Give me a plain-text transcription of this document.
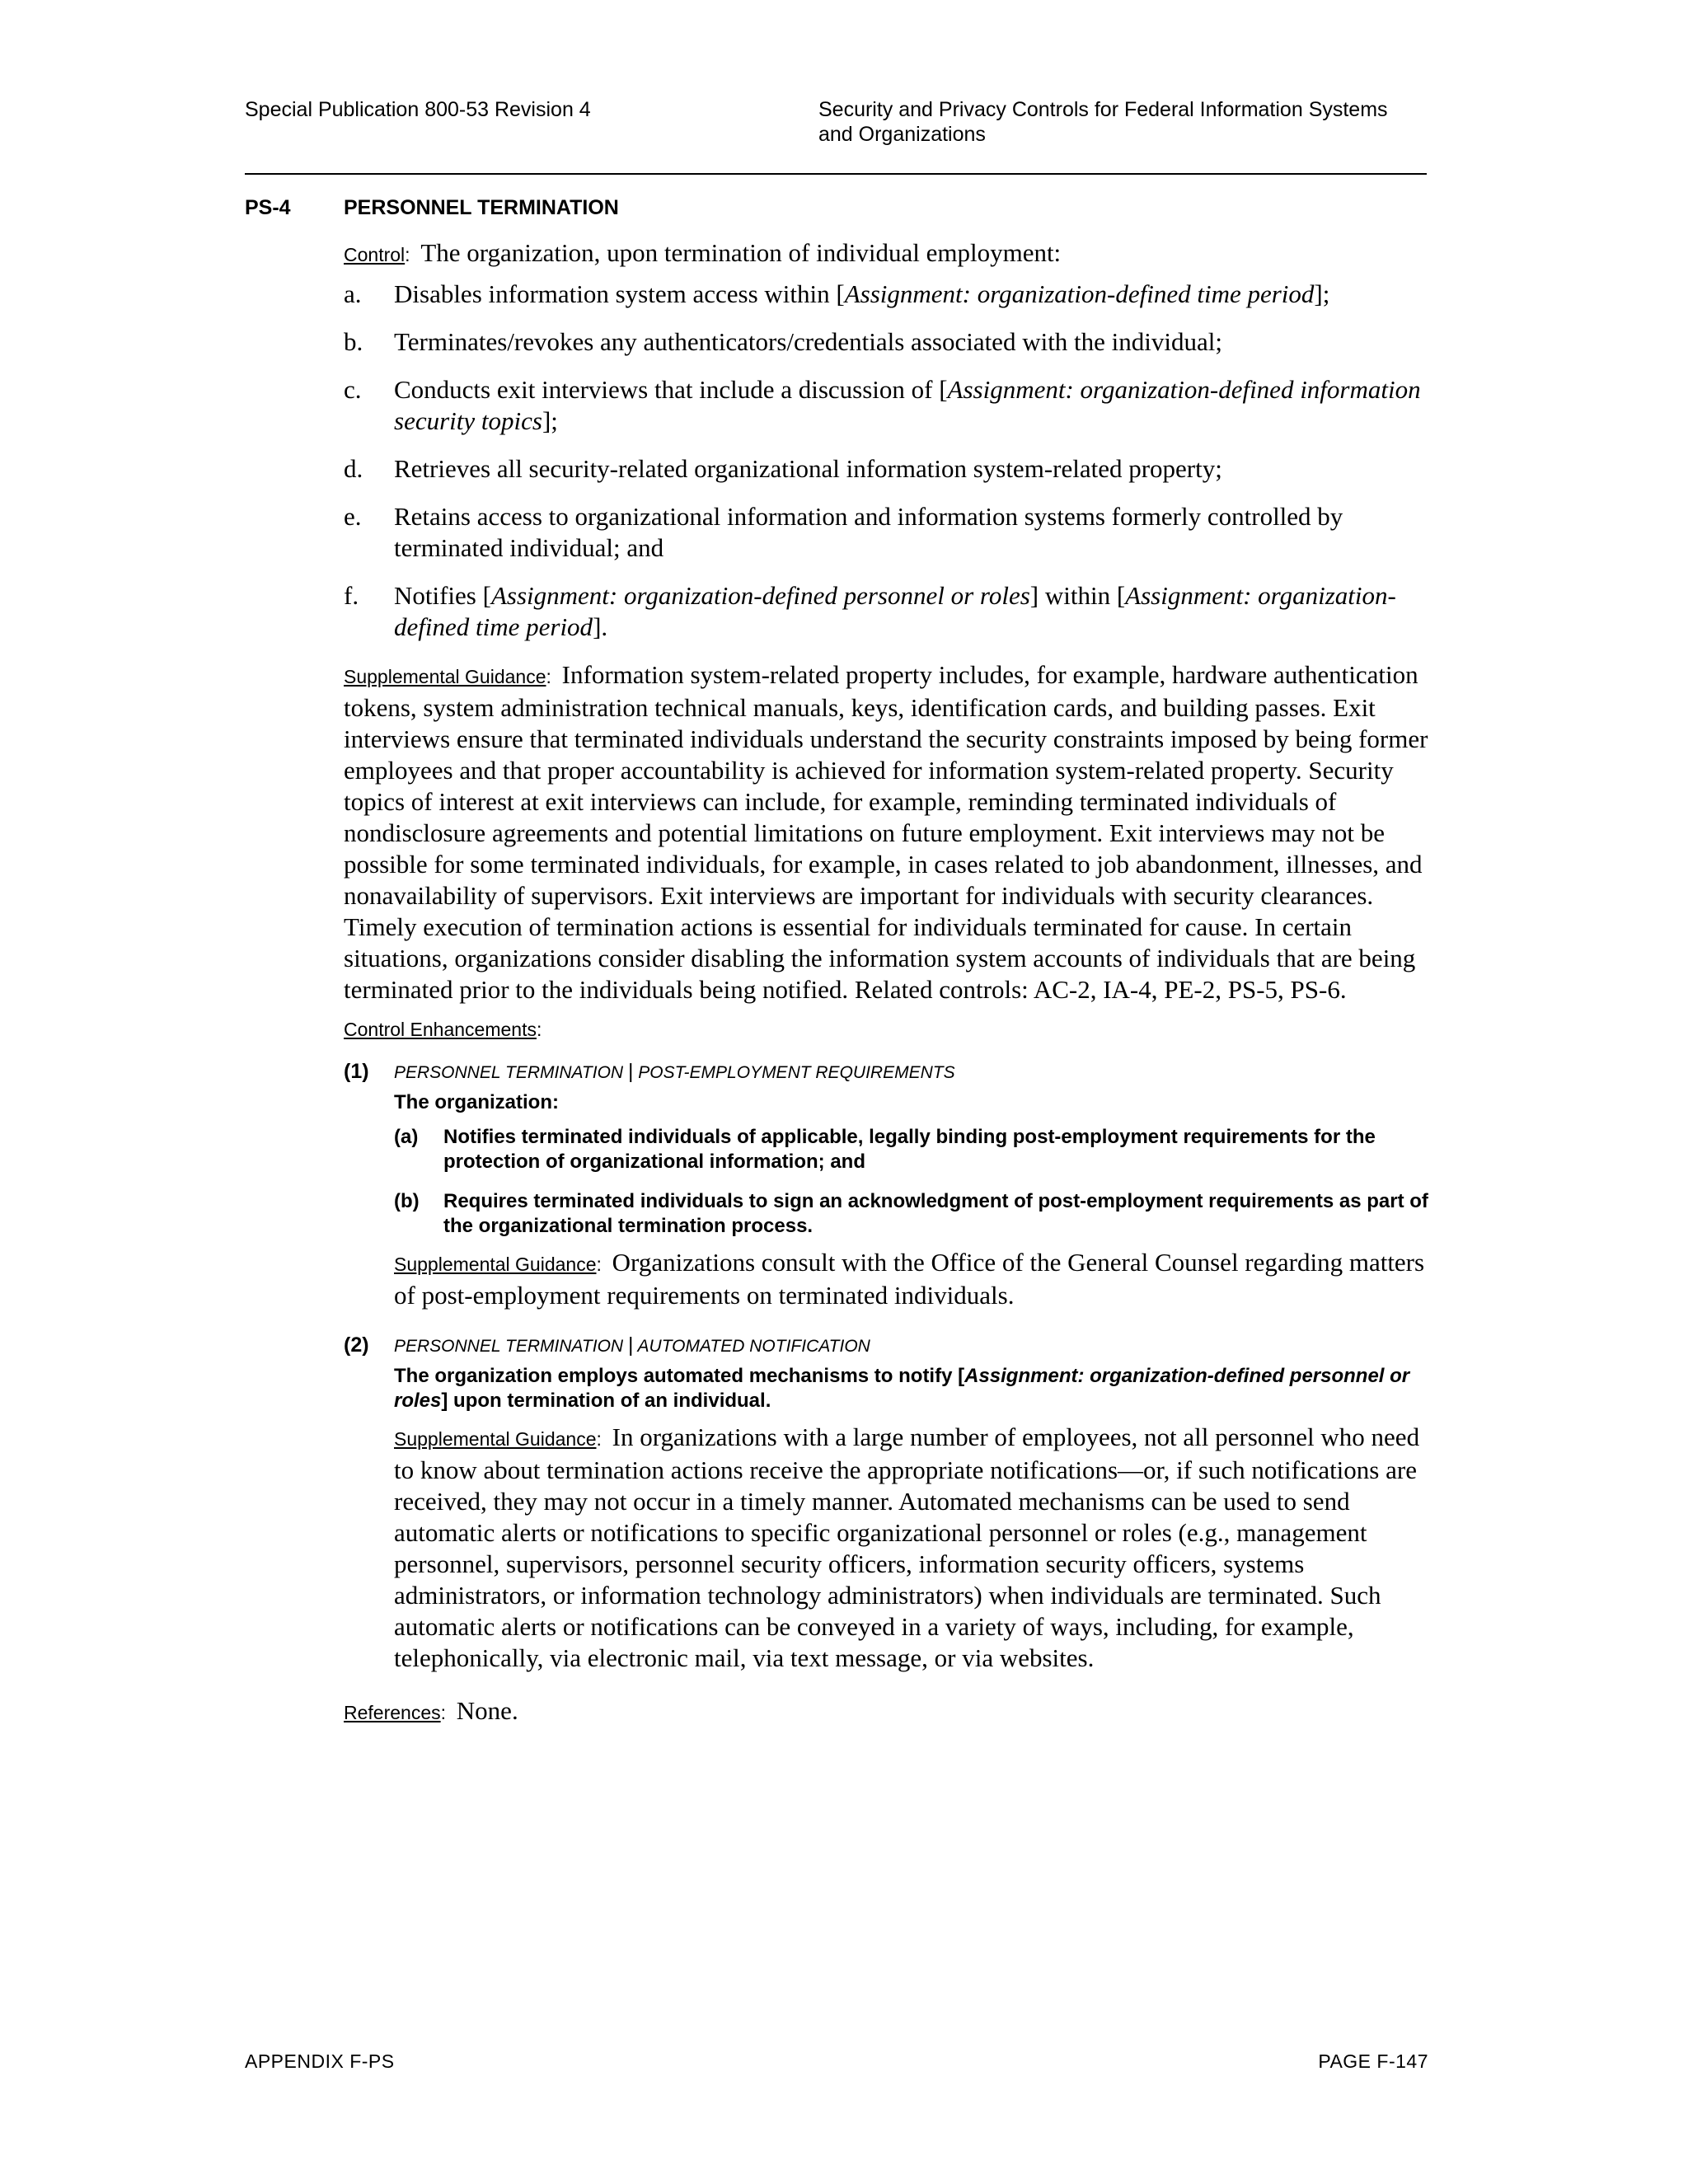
Special Publication 800-53 Revision 4	Security and Privacy Controls for Federal Information Systems
and Organizations
PS-4	PERSONNEL TERMINATION
Control:  The organization, upon termination of individual employment:
a.	Disables information system access within [Assignment: organization-defined time period];
b.	Terminates/revokes any authenticators/credentials associated with the individual;
c.	Conducts exit interviews that include a discussion of [Assignment: organization-defined information security topics];
d.	Retrieves all security-related organizational information system-related property;
e.	Retains access to organizational information and information systems formerly controlled by terminated individual; and
f.	Notifies [Assignment: organization-defined personnel or roles] within [Assignment: organization-defined time period].
Supplemental Guidance:  Information system-related property includes, for example, hardware authentication tokens, system administration technical manuals, keys, identification cards, and building passes. Exit interviews ensure that terminated individuals understand the security constraints imposed by being former employees and that proper accountability is achieved for information system-related property. Security topics of interest at exit interviews can include, for example, reminding terminated individuals of nondisclosure agreements and potential limitations on future employment. Exit interviews may not be possible for some terminated individuals, for example, in cases related to job abandonment, illnesses, and nonavailability of supervisors. Exit interviews are important for individuals with security clearances. Timely execution of termination actions is essential for individuals terminated for cause. In certain situations, organizations consider disabling the information system accounts of individuals that are being terminated prior to the individuals being notified. Related controls: AC-2, IA-4, PE-2, PS-5, PS-6.
Control Enhancements:
(1)	PERSONNEL TERMINATION | POST-EMPLOYMENT REQUIREMENTS
The organization:
(a)	Notifies terminated individuals of applicable, legally binding post-employment requirements for the protection of organizational information; and
(b)	Requires terminated individuals to sign an acknowledgment of post-employment requirements as part of the organizational termination process.
Supplemental Guidance:  Organizations consult with the Office of the General Counsel regarding matters of post-employment requirements on terminated individuals.
(2)	PERSONNEL TERMINATION | AUTOMATED NOTIFICATION
The organization employs automated mechanisms to notify [Assignment: organization-defined personnel or roles] upon termination of an individual.
Supplemental Guidance:  In organizations with a large number of employees, not all personnel who need to know about termination actions receive the appropriate notifications—or, if such notifications are received, they may not occur in a timely manner. Automated mechanisms can be used to send automatic alerts or notifications to specific organizational personnel or roles (e.g., management personnel, supervisors, personnel security officers, information security officers, systems administrators, or information technology administrators) when individuals are terminated. Such automatic alerts or notifications can be conveyed in a variety of ways, including, for example, telephonically, via electronic mail, via text message, or via websites.
References:  None.
APPENDIX F-PS	PAGE F-147
